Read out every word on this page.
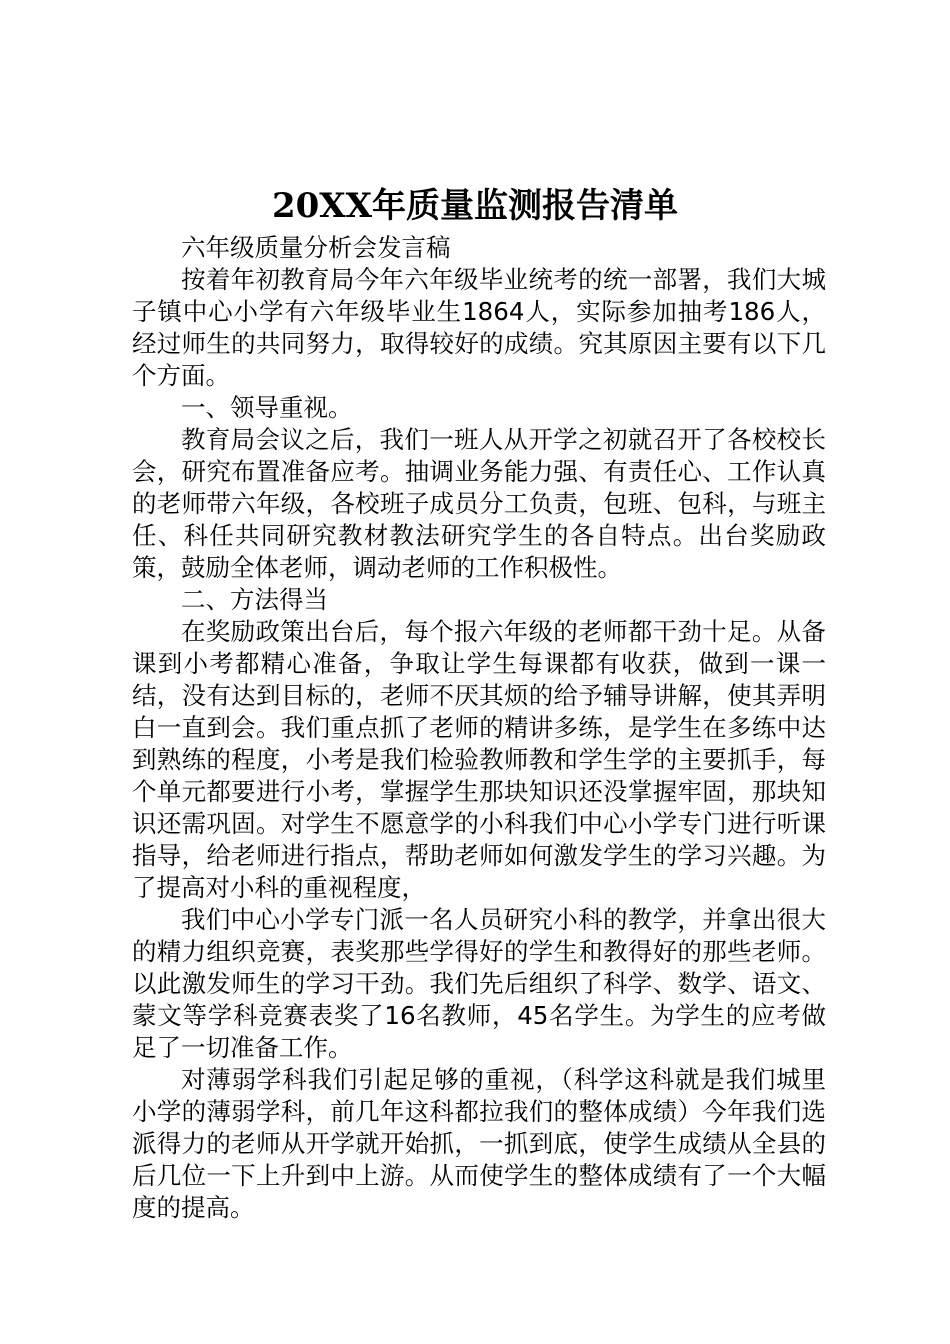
20XX年质量监测报告清单

六年级质量分析会发言稿

按着年初教育局今年六年级毕业统考的统一部署，我们大城子镇中心小学有六年级毕业生1864人，实际参加抽考186人，经过师生的共同努力，取得较好的成绩。究其原因主要有以下几个方面。

一、领导重视。

教育局会议之后，我们一班人从开学之初就召开了各校校长会，研究布置准备应考。抽调业务能力强、有责任心、工作认真的老师带六年级，各校班子成员分工负责，包班、包科，与班主任、科任共同研究教材教法研究学生的各自特点。出台奖励政策，鼓励全体老师，调动老师的工作积极性。

二、方法得当

在奖励政策出台后，每个报六年级的老师都干劲十足。从备课到小考都精心准备，争取让学生每课都有收获，做到一课一结，没有达到目标的，老师不厌其烦的给予辅导讲解，使其弄明白一直到会。我们重点抓了老师的精讲多练，是学生在多练中达到熟练的程度，小考是我们检验教师教和学生学的主要抓手，每个单元都要进行小考，掌握学生那块知识还没掌握牢固，那块知识还需巩固。对学生不愿意学的小科我们中心小学专门进行听课指导，给老师进行指点，帮助老师如何激发学生的学习兴趣。为了提高对小科的重视程度，

我们中心小学专门派一名人员研究小科的教学，并拿出很大的精力组织竞赛，表奖那些学得好的学生和教得好的那些老师。以此激发师生的学习干劲。我们先后组织了科学、数学、语文、蒙文等学科竞赛表奖了16名教师，45名学生。为学生的应考做足了一切准备工作。

对薄弱学科我们引起足够的重视，（科学这科就是我们城里小学的薄弱学科，前几年这科都拉我们的整体成绩）今年我们选派得力的老师从开学就开始抓，一抓到底，使学生成绩从全县的后几位一下上升到中上游。从而使学生的整体成绩有了一个大幅度的提高。
